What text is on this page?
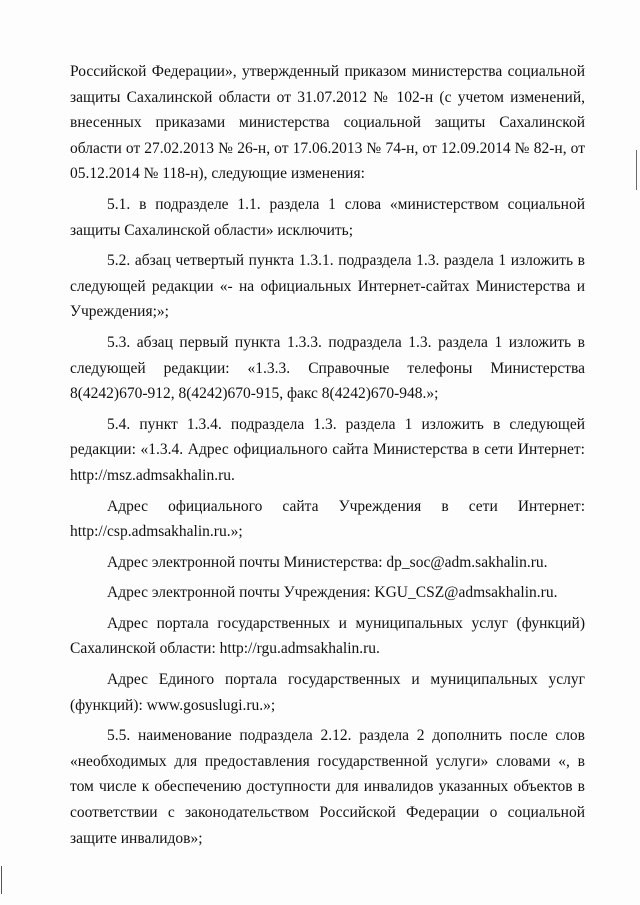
Российской Федерации», утвержденный приказом министерства социальной защиты Сахалинской области от 31.07.2012 № 102-н (с учетом изменений, внесенных приказами министерства социальной защиты Сахалинской области от 27.02.2013 № 26-н, от 17.06.2013 № 74-н, от 12.09.2014 № 82-н, от 05.12.2014 № 118-н), следующие изменения:

5.1. в подразделе 1.1. раздела 1 слова «министерством социальной защиты Сахалинской области» исключить;

5.2. абзац четвертый пункта 1.3.1. подраздела 1.3. раздела 1 изложить в следующей редакции «- на официальных Интернет-сайтах Министерства и Учреждения;»;

5.3. абзац первый пункта 1.3.3. подраздела 1.3. раздела 1 изложить в следующей редакции: «1.3.3. Справочные телефоны Министерства 8(4242)670-912, 8(4242)670-915, факс 8(4242)670-948.»;

5.4. пункт 1.3.4. подраздела 1.3. раздела 1 изложить в следующей редакции: «1.3.4. Адрес официального сайта Министерства в сети Интернет: http://msz.admsakhalin.ru.

Адрес официального сайта Учреждения в сети Интернет: http://csp.admsakhalin.ru.»;

Адрес электронной почты Министерства: dp_soc@adm.sakhalin.ru.

Адрес электронной почты Учреждения: KGU_CSZ@admsakhalin.ru.

Адрес портала государственных и муниципальных услуг (функций) Сахалинской области: http://rgu.admsakhalin.ru.

Адрес Единого портала государственных и муниципальных услуг (функций): www.gosuslugi.ru.»;

5.5. наименование подраздела 2.12. раздела 2 дополнить после слов «необходимых для предоставления государственной услуги» словами «, в том числе к обеспечению доступности для инвалидов указанных объектов в соответствии с законодательством Российской Федерации о социальной защите инвалидов»;
